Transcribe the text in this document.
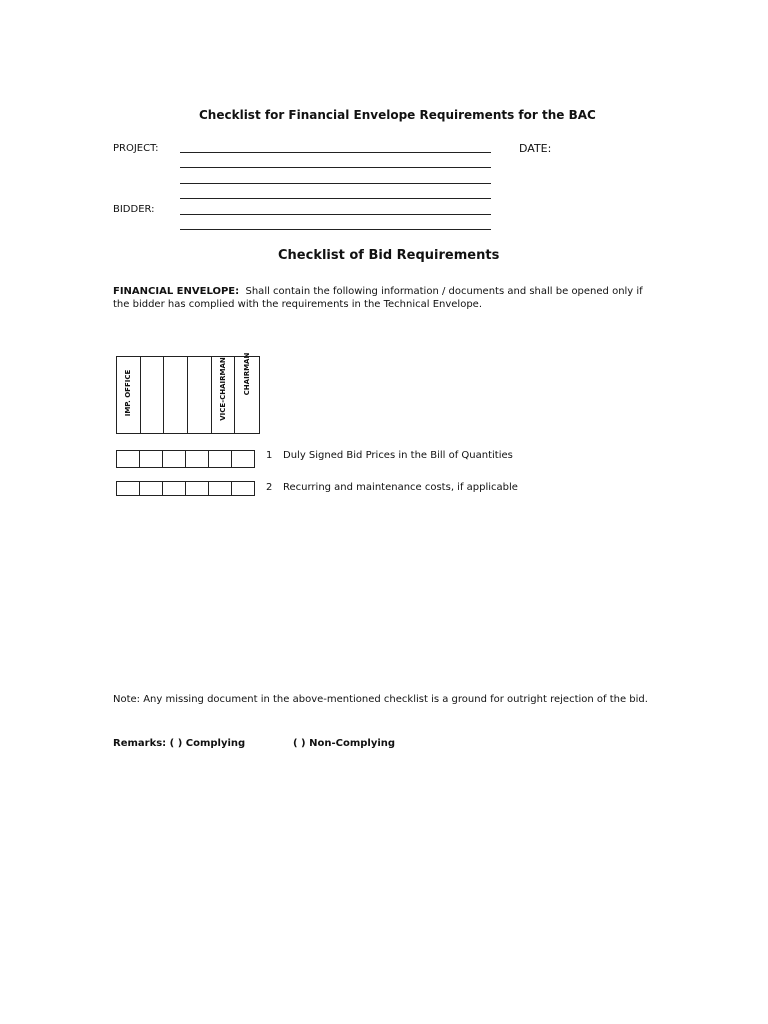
Checklist for Financial Envelope Requirements for the BAC
PROJECT:	DATE:
BIDDER:
Checklist of Bid Requirements
FINANCIAL ENVELOPE: Shall contain the following information / documents and shall be opened only if
the bidder has complied with the requirements in the Technical Envelope.
IMP. OFFICE	VICE-CHAIRMAN CHAIRMAN
1 Duly Signed Bid Prices in the Bill of Quantities
2 Recurring and maintenance costs, if applicable
Note: Any missing document in the above-mentioned checklist is a ground for outright rejection of the bid.
Remarks: ( ) Complying	( ) Non-Complying
